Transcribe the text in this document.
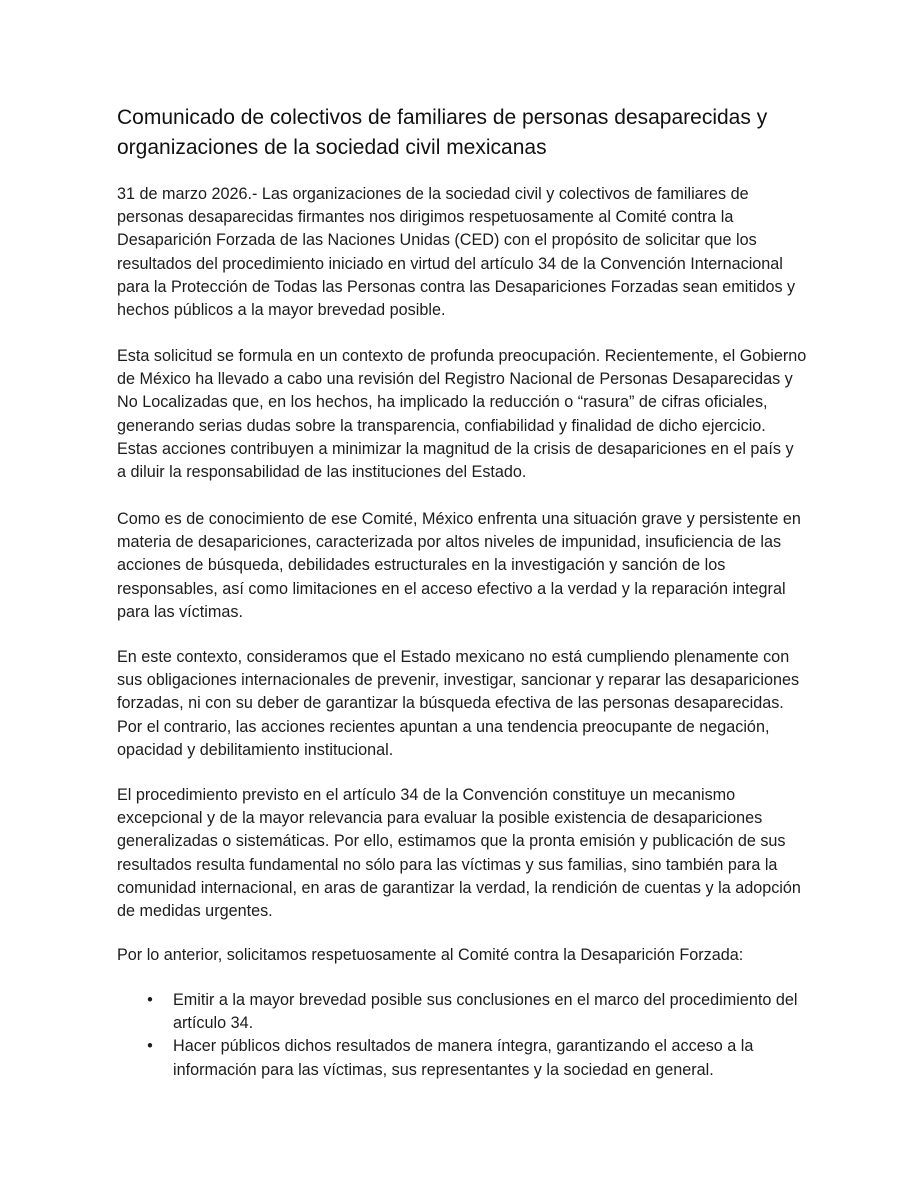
Comunicado de colectivos de familiares de personas desaparecidas y organizaciones de la sociedad civil mexicanas

31 de marzo 2026.- Las organizaciones de la sociedad civil y colectivos de familiares de personas desaparecidas firmantes nos dirigimos respetuosamente al Comité contra la Desaparición Forzada de las Naciones Unidas (CED) con el propósito de solicitar que los resultados del procedimiento iniciado en virtud del artículo 34 de la Convención Internacional para la Protección de Todas las Personas contra las Desapariciones Forzadas sean emitidos y hechos públicos a la mayor brevedad posible.

Esta solicitud se formula en un contexto de profunda preocupación. Recientemente, el Gobierno de México ha llevado a cabo una revisión del Registro Nacional de Personas Desaparecidas y No Localizadas que, en los hechos, ha implicado la reducción o “rasura” de cifras oficiales, generando serias dudas sobre la transparencia, confiabilidad y finalidad de dicho ejercicio. Estas acciones contribuyen a minimizar la magnitud de la crisis de desapariciones en el país y a diluir la responsabilidad de las instituciones del Estado.

Como es de conocimiento de ese Comité, México enfrenta una situación grave y persistente en materia de desapariciones, caracterizada por altos niveles de impunidad, insuficiencia de las acciones de búsqueda, debilidades estructurales en la investigación y sanción de los responsables, así como limitaciones en el acceso efectivo a la verdad y la reparación integral para las víctimas.

En este contexto, consideramos que el Estado mexicano no está cumpliendo plenamente con sus obligaciones internacionales de prevenir, investigar, sancionar y reparar las desapariciones forzadas, ni con su deber de garantizar la búsqueda efectiva de las personas desaparecidas. Por el contrario, las acciones recientes apuntan a una tendencia preocupante de negación, opacidad y debilitamiento institucional.

El procedimiento previsto en el artículo 34 de la Convención constituye un mecanismo excepcional y de la mayor relevancia para evaluar la posible existencia de desapariciones generalizadas o sistemáticas. Por ello, estimamos que la pronta emisión y publicación de sus resultados resulta fundamental no sólo para las víctimas y sus familias, sino también para la comunidad internacional, en aras de garantizar la verdad, la rendición de cuentas y la adopción de medidas urgentes.

Por lo anterior, solicitamos respetuosamente al Comité contra la Desaparición Forzada:

• Emitir a la mayor brevedad posible sus conclusiones en el marco del procedimiento del artículo 34.
• Hacer públicos dichos resultados de manera íntegra, garantizando el acceso a la información para las víctimas, sus representantes y la sociedad en general.
